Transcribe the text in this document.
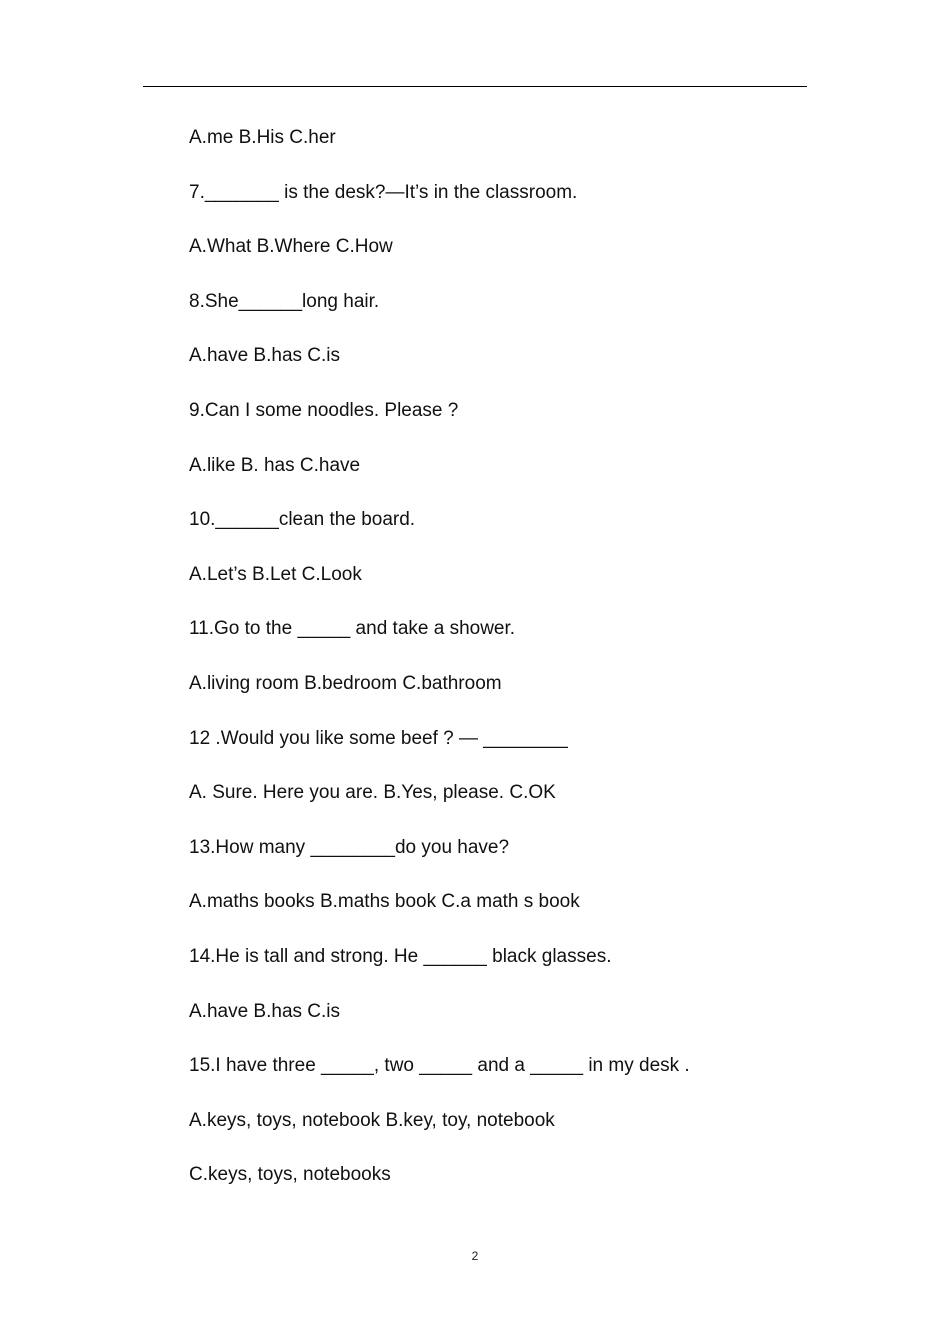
A.me B.His C.her
7._______ is the desk?—It’s in the classroom.
A.What B.Where C.How
8.She______long hair.
A.have B.has C.is
9.Can I some noodles. Please ?
A.like B. has C.have
10.______clean the board.
A.Let’s B.Let C.Look
11.Go to the _____ and take a shower.
A.living room B.bedroom C.bathroom
12 .Would you like some beef ? — ________
A. Sure. Here you are. B.Yes, please. C.OK
13.How many ________do you have?
A.maths books B.maths book C.a math s book
14.He is tall and strong. He ______ black glasses.
A.have B.has C.is
15.I have three _____, two _____ and a _____ in my desk .
A.keys, toys, notebook B.key, toy, notebook
C.keys, toys, notebooks
2
